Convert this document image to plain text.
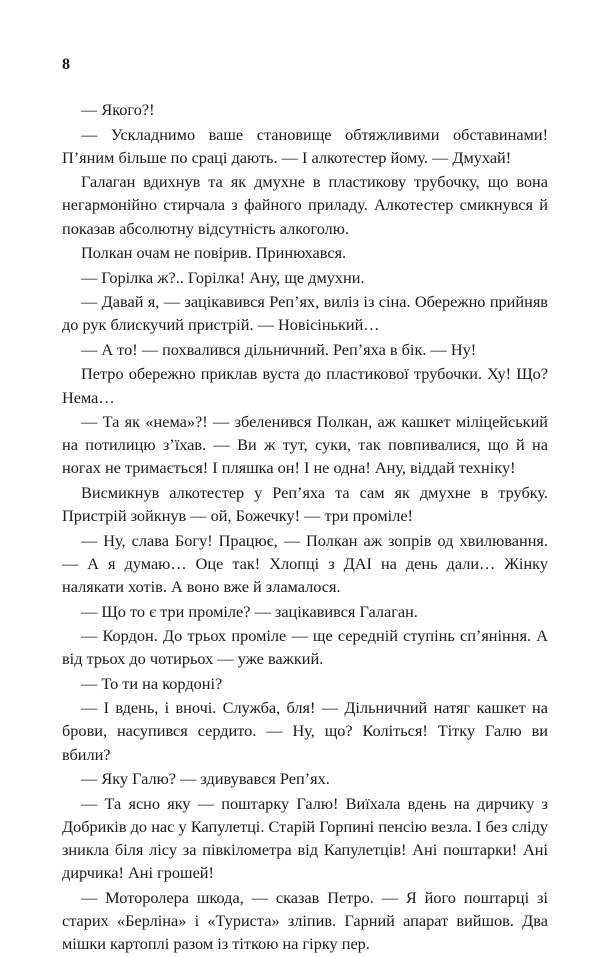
8

— Якого?!

— Ускладнимо ваше становище обтяжливими обставинами! П’яним більше по сраці дають. — І алкотестер йому. — Дмухай!

Галаган вдихнув та як дмухне в пластикову трубочку, що вона негармонійно стирчала з файного приладу. Алкотестер смикнувся й показав абсолютну відсутність алкоголю.

Полкан очам не повірив. Принюхався.

— Горілка ж?.. Горілка! Ану, ще дмухни.

— Давай я, — зацікавився Реп’ях, виліз із сіна. Обережно прийняв до рук блискучий пристрій. — Новісінький…

— А то! — похвалився дільничний. Реп’яха в бік. — Ну!

Петро обережно приклав вуста до пластикової трубочки. Ху! Що? Нема…

— Та як «нема»?! — збеленився Полкан, аж кашкет міліцейський на потилицю з’їхав. — Ви ж тут, суки, так повпивалися, що й на ногах не тримається! І пляшка он! І не одна! Ану, віддай техніку!

Висмикнув алкотестер у Реп’яха та сам як дмухне в трубку. Пристрій зойкнув — ой, Божечку! — три проміле!

— Ну, слава Богу! Працює, — Полкан аж зопрів од хвилювання. — А я думаю… Оце так! Хлопці з ДАІ на день дали… Жінку налякати хотів. А воно вже й зламалося.

— Що то є три проміле? — зацікавився Галаган.

— Кордон. До трьох проміле — ще середній ступінь сп’яніння. А від трьох до чотирьох — уже важкий.

— То ти на кордоні?

— І вдень, і вночі. Служба, бля! — Дільничний натяг кашкет на брови, насупився сердито. — Ну, що? Коліться! Тітку Галю ви вбили?

— Яку Галю? — здивувався Реп’ях.

— Та ясно яку — поштарку Галю! Виїхала вдень на дирчику з Добриків до нас у Капулетці. Старій Горпині пенсію везла. І без сліду зникла біля лісу за півкілометра від Капулетців! Ані поштарки! Ані дирчика! Ані грошей!

— Моторолера шкода, — сказав Петро. — Я його поштарці зі старих «Берліна» і «Туриста» зліпив. Гарний апарат вийшов. Два мішки картоплі разом із тіткою на гірку пер.
